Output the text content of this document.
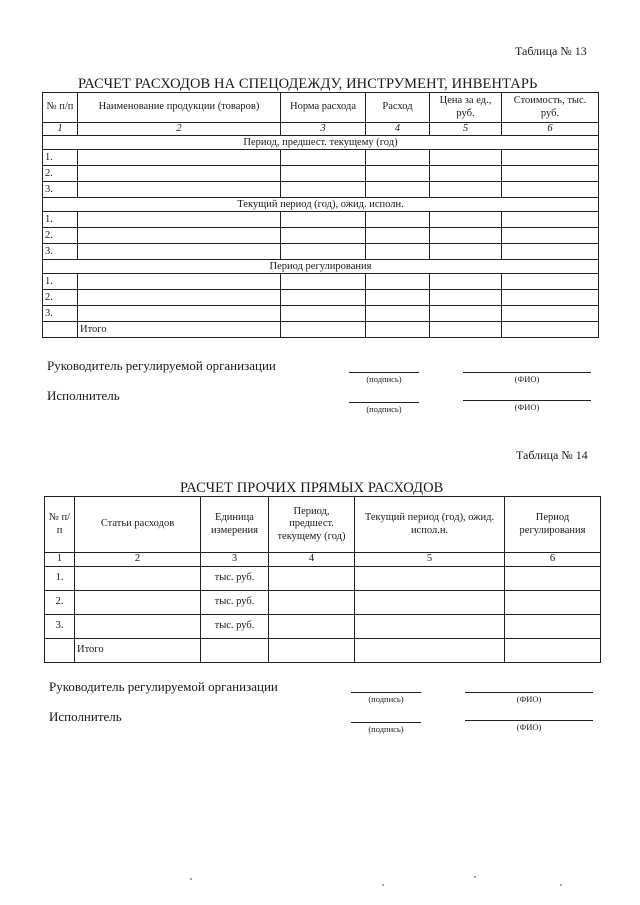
Таблица № 13
РАСЧЕТ РАСХОДОВ НА СПЕЦОДЕЖДУ, ИНСТРУМЕНТ, ИНВЕНТАРЬ
№ п/п	Наименование продукции (товаров)	Норма расхода	Расход	Цена за ед., руб.	Стоимость, тыс. руб.
1	2	3	4	5	6
Период, предшест. текущему (год)					
1.					
2.					
3.					
Текущий период (год), ожид. исполн.					
1.					
2.					
3.					
Период регулирования					
1.					
2.					
3.					
	Итого				
Руководитель регулируемой организации
(подпись)	(ФИО)
Исполнитель
(подпись)	(ФИО)
Таблица № 14
РАСЧЕТ ПРОЧИХ ПРЯМЫХ РАСХОДОВ
№ п/п	Статьи расходов	Единица измерения	Период, предшест. текущему (год)	Текущий период (год), ожид. испол.н.	Период регулирования
1	2	3	4	5	6
1.		тыс. руб.			
2.		тыс. руб.			
3.		тыс. руб.			
	Итого				
Руководитель регулируемой организации
(подпись)	(ФИО)
Исполнитель
(подпись)	(ФИО)
